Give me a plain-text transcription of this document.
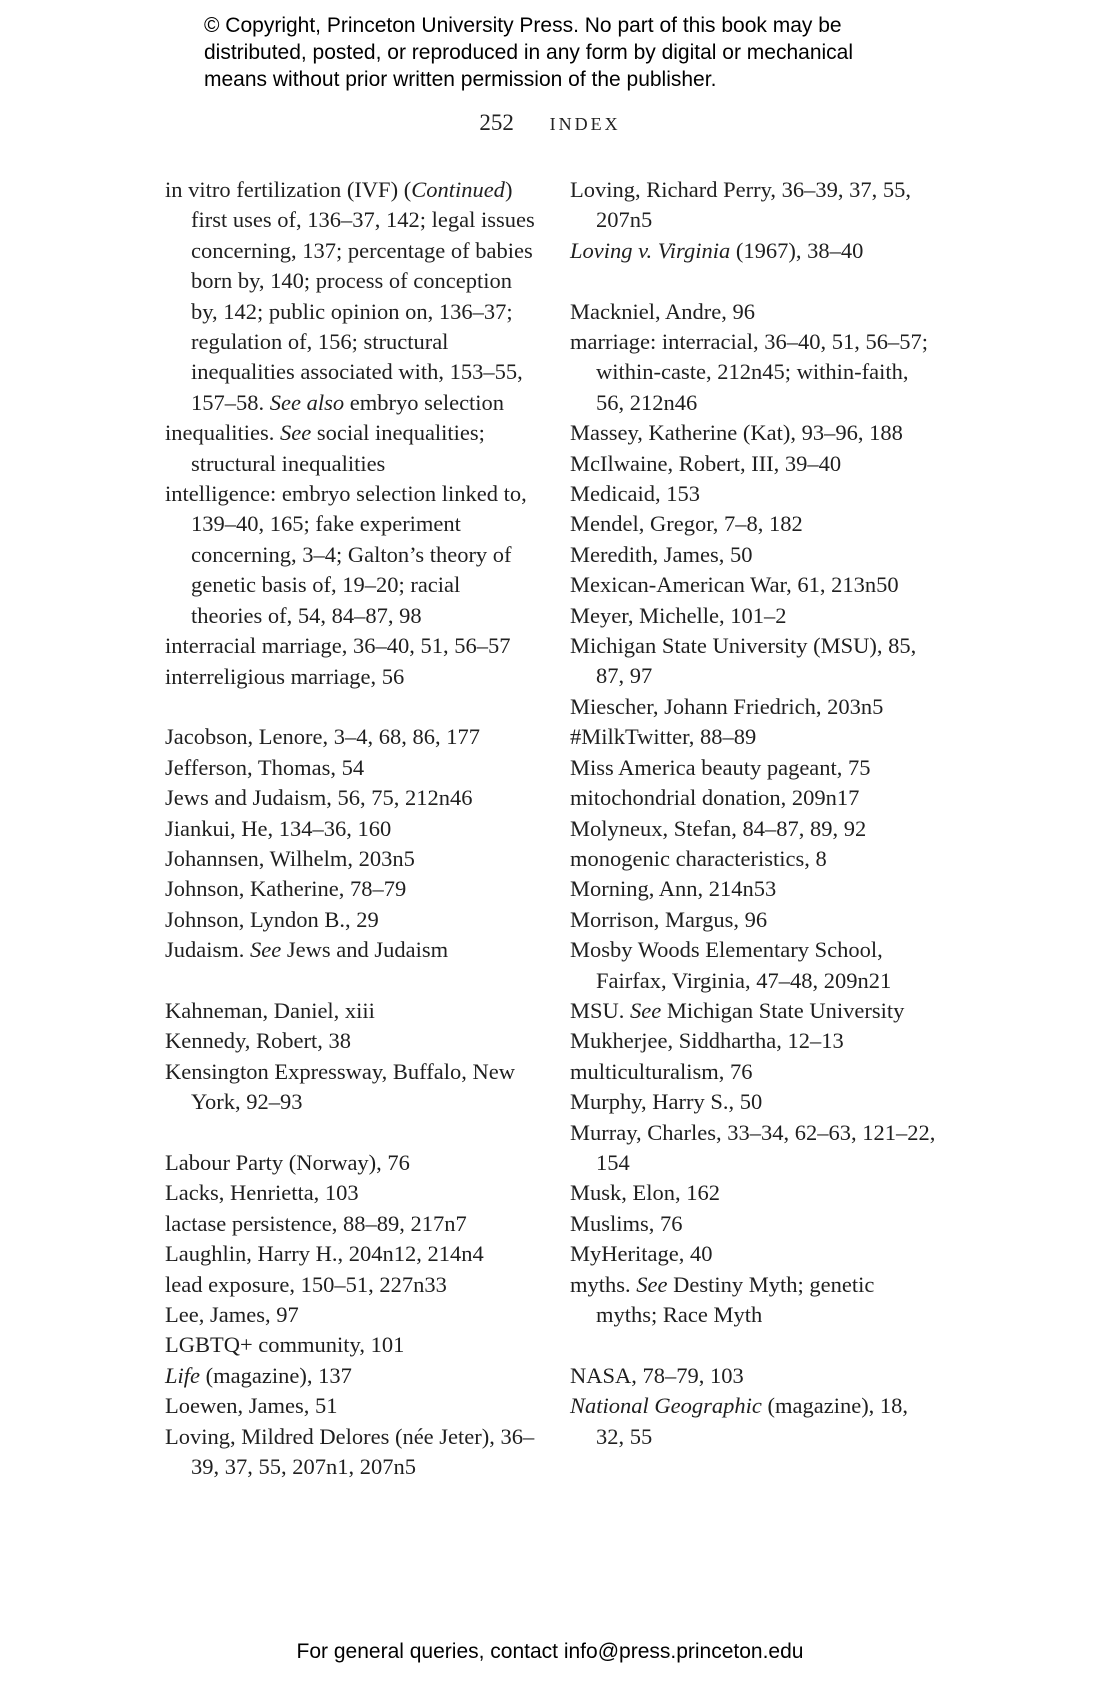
© Copyright, Princeton University Press. No part of this book may be
distributed, posted, or reproduced in any form by digital or mechanical
means without prior written permission of the publisher.
252 INDEX
in vitro fertilization (IVF) (Continued) first uses of, 136–37, 142; legal issues concerning, 137; percentage of babies born by, 140; process of conception by, 142; public opinion on, 136–37; regulation of, 156; structural inequalities associated with, 153–55, 157–58. See also embryo selection
inequalities. See social inequalities; structural inequalities
intelligence: embryo selection linked to, 139–40, 165; fake experiment concerning, 3–4; Galton’s theory of genetic basis of, 19–20; racial theories of, 54, 84–87, 98
interracial marriage, 36–40, 51, 56–57
interreligious marriage, 56
Jacobson, Lenore, 3–4, 68, 86, 177
Jefferson, Thomas, 54
Jews and Judaism, 56, 75, 212n46
Jiankui, He, 134–36, 160
Johannsen, Wilhelm, 203n5
Johnson, Katherine, 78–79
Johnson, Lyndon B., 29
Judaism. See Jews and Judaism
Kahneman, Daniel, xiii
Kennedy, Robert, 38
Kensington Expressway, Buffalo, New York, 92–93
Labour Party (Norway), 76
Lacks, Henrietta, 103
lactase persistence, 88–89, 217n7
Laughlin, Harry H., 204n12, 214n4
lead exposure, 150–51, 227n33
Lee, James, 97
LGBTQ+ community, 101
Life (magazine), 137
Loewen, James, 51
Loving, Mildred Delores (née Jeter), 36–39, 37, 55, 207n1, 207n5
Loving, Richard Perry, 36–39, 37, 55, 207n5
Loving v. Virginia (1967), 38–40
Mackniel, Andre, 96
marriage: interracial, 36–40, 51, 56–57; within-caste, 212n45; within-faith, 56, 212n46
Massey, Katherine (Kat), 93–96, 188
McIlwaine, Robert, III, 39–40
Medicaid, 153
Mendel, Gregor, 7–8, 182
Meredith, James, 50
Mexican-American War, 61, 213n50
Meyer, Michelle, 101–2
Michigan State University (MSU), 85, 87, 97
Miescher, Johann Friedrich, 203n5
#MilkTwitter, 88–89
Miss America beauty pageant, 75
mitochondrial donation, 209n17
Molyneux, Stefan, 84–87, 89, 92
monogenic characteristics, 8
Morning, Ann, 214n53
Morrison, Margus, 96
Mosby Woods Elementary School, Fairfax, Virginia, 47–48, 209n21
MSU. See Michigan State University
Mukherjee, Siddhartha, 12–13
multiculturalism, 76
Murphy, Harry S., 50
Murray, Charles, 33–34, 62–63, 121–22, 154
Musk, Elon, 162
Muslims, 76
MyHeritage, 40
myths. See Destiny Myth; genetic myths; Race Myth
NASA, 78–79, 103
National Geographic (magazine), 18, 32, 55
For general queries, contact info@press.princeton.edu
